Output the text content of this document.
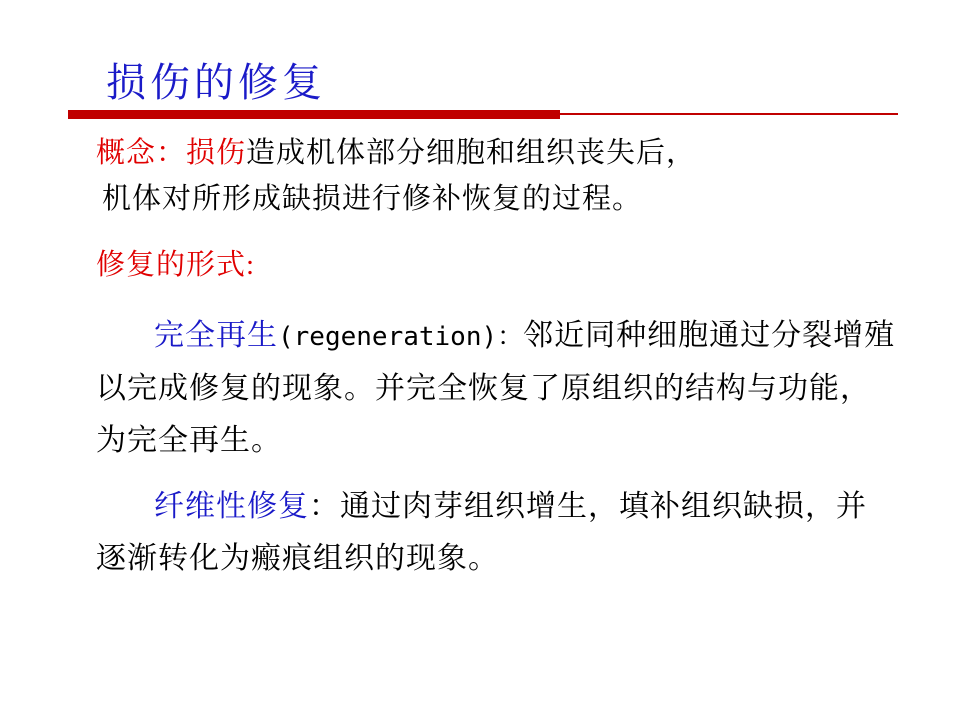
损伤的修复

概念：损伤造成机体部分细胞和组织丧失后，
机体对所形成缺损进行修补恢复的过程。

修复的形式:

完全再生(regeneration)：邻近同种细胞通过分裂增殖以完成修复的现象。并完全恢复了原组织的结构与功能，为完全再生。

纤维性修复：通过肉芽组织增生，填补组织缺损，并逐渐转化为瘢痕组织的现象。
